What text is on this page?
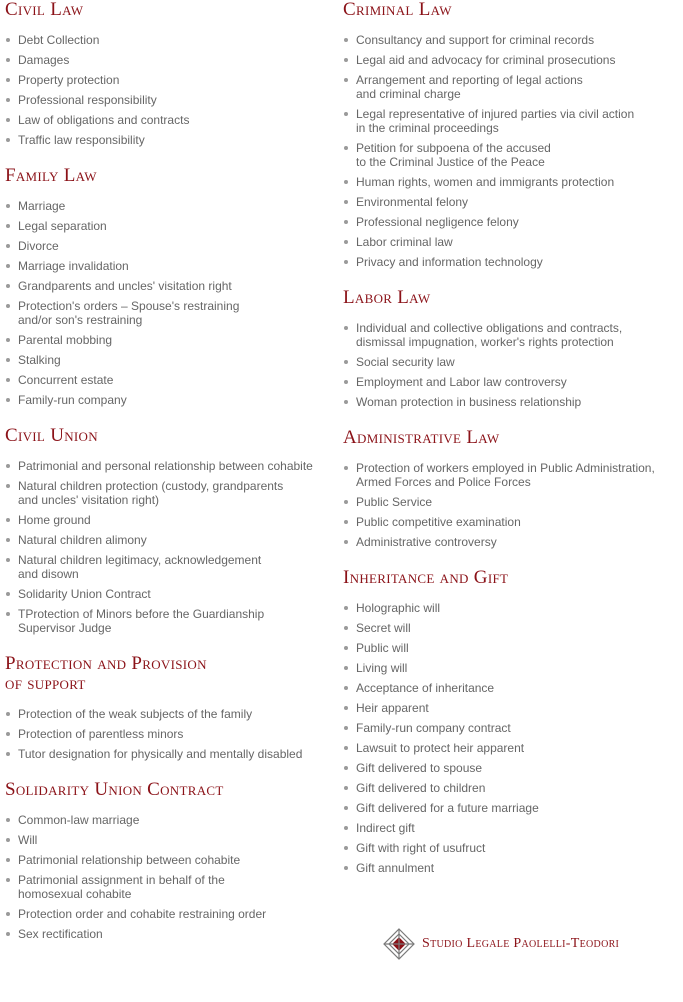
Civil Law
Debt Collection
Damages
Property protection
Professional responsibility
Law of obligations and contracts
Traffic law responsibility
Family Law
Marriage
Legal separation
Divorce
Marriage invalidation
Grandparents and uncles' visitation right
Protection's orders – Spouse's restraining
and/or son's restraining
Parental mobbing
Stalking
Concurrent estate
Family-run company
Civil Union
Patrimonial and personal relationship between cohabite
Natural children protection (custody, grandparents
and uncles' visitation right)
Home ground
Natural children alimony
Natural children legitimacy, acknowledgement
and disown
Solidarity Union Contract
TProtection of Minors before the Guardianship
Supervisor Judge
Protection and Provision
of support
Protection of the weak subjects of the family
Protection of parentless minors
Tutor designation for physically and mentally disabled
Solidarity Union Contract
Common-law marriage
Will
Patrimonial relationship between cohabite
Patrimonial assignment in behalf of the
homosexual cohabite
Protection order and cohabite restraining order
Sex rectification
Criminal Law
Consultancy and support for criminal records
Legal aid and advocacy for criminal prosecutions
Arrangement and reporting of legal actions
and criminal charge
Legal representative of injured parties via civil action
in the criminal proceedings
Petition for subpoena of the accused
to the Criminal Justice of the Peace
Human rights, women and immigrants protection
Environmental felony
Professional negligence felony
Labor criminal law
Privacy and information technology
Labor Law
Individual and collective obligations and contracts,
dismissal impugnation, worker's rights protection
Social security law
Employment and Labor law controversy
Woman protection in business relationship
Administrative Law
Protection of workers employed in Public Administration,
Armed Forces and Police Forces
Public Service
Public competitive examination
Administrative controversy
Inheritance and Gift
Holographic will
Secret will
Public will
Living will
Acceptance of inheritance
Heir apparent
Family-run company contract
Lawsuit to protect heir apparent
Gift delivered to spouse
Gift delivered to children
Gift delivered for a future marriage
Indirect gift
Gift with right of usufruct
Gift annulment
Studio Legale Paolelli-Teodori
